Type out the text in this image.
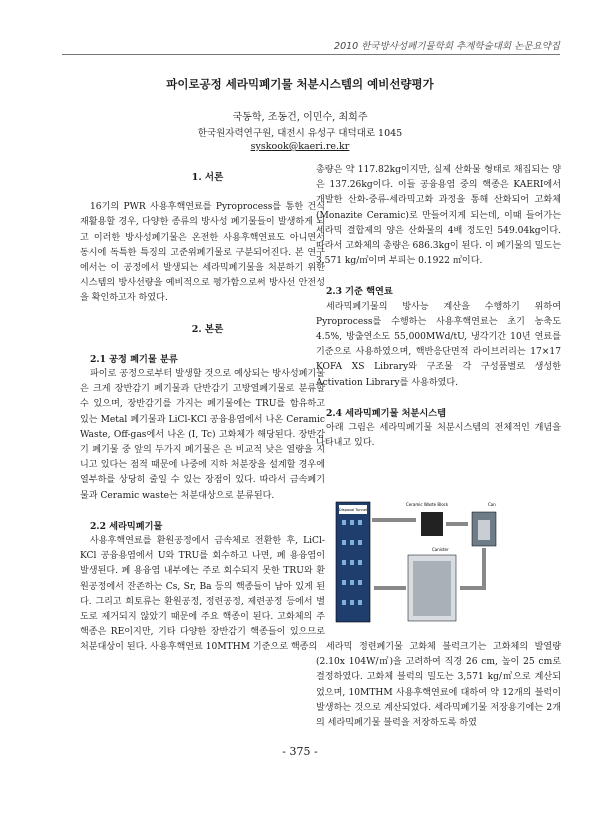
2010 한국방사성폐기물학회 추계학술대회 논문요약집
파이로공정 세라믹폐기물 처분시스템의 예비선량평가
국동학, 조동건, 이민수, 최희주
한국원자력연구원, 대전시 유성구 대덕대로 1045
syskook@kaeri.re.kr

1. 서론

16기의 PWR 사용후핵연료를 Pyroprocess를 통한 건식재활용할 경우, 다양한 종류의 방사성 폐기물들이 발생하게 되고 이러한 방사성폐기물은 온전한 사용후핵연료도 아니면서 동시에 독특한 특징의 고준위폐기물로 구분되어진다. 본 연구에서는 이 공정에서 발생되는 세라믹폐기물을 처분하기 위한 시스템의 방사선량을 예비적으로 평가함으로써 방사선 안전성을 확인하고자 하였다.

2. 본론

2.1 공정 폐기물 분류

파이로 공정으로부터 발생할 것으로 예상되는 방사성폐기물은 크게 장반감기 폐기물과 단반감기 고방열폐기물로 분류할 수 있으며, 장반감기를 가지는 폐기물에는 TRU를 함유하고 있는 Metal 폐기물과 LiCl-KCl 공융용염에서 나온 Ceramic Waste, Off-gas에서 나온 (I, Tc) 고화체가 해당된다. 장반감기 폐기물 중 앞의 두가지 폐기물은 은 비교적 낮은 열량을 지니고 있다는 점적 때문에 나중에 지하 처분장을 설계할 경우에 열부하를 상당히 줄일 수 있는 장점이 있다. 따라서 금속폐기물과 Ceramic waste는 처분대상으로 분류된다.

2.2 세라믹폐기물

사용후핵연료를 환원공정에서 금속체로 전환한 후, LiCl-KCl 공융용염에서 U와 TRU를 회수하고 나면, 폐 용융염이 발생된다. 폐 용융염 내부에는 주로 회수되지 못한 TRU와 환원공정에서 잔존하는 Cs, Sr, Ba 등의 핵종들이 남아 있게 된다. 그리고 희토류는 환원공정, 정련공정, 제련공정 등에서 별도로 제거되지 않았기 때문에 주요 핵종이 된다. 고화체의 주핵종은 RE이지만, 기타 다양한 장반감기 핵종들이 있으므로 처분대상이 된다. 사용후핵연료 10MTHM 기준으로 핵종의

총량은 약 117.82kg이지만, 실제 산화물 형태로 채집되는 양은 137.26kg이다. 이들 공융용염 중의 핵종은 KAERI에서 개발한 산화-중류-세라믹고화 과정을 통해 산화되어 고화체(Monazite Ceramic)로 만들어지게 되는데, 이때 들어가는 세라믹 결합제의 양은 산화물의 4배 정도인 549.04kg이다. 따라서 고화체의 총량은 686.3kg이 된다. 이 폐기물의 밀도는 3,571 kg/㎥이며 부피는 0.1922 ㎥이다.

2.3 기준 핵연료

세라믹폐기물의 방사능 계산을 수행하기 위하여 Pyroprocess를 수행하는 사용후핵연료는 초기 농축도 4.5%, 방출연소도 55,000MWd/tU, 냉각기간 10년 연료를 기준으로 사용하였으며, 핵반응단면적 라이브러리는 17×17 KOFA XS Library와 구조물 각 구성품별로 생성한 Activation Library를 사용하였다.

2.4 세라믹폐기물 처분시스템

아래 그림은 세라믹폐기물 처분시스템의 전체적인 개념을 나타내고 있다.

Disposal Tunnel
Ceramic Waste Block	Can
Canister

세라믹 정련폐기물 고화체 블럭크기는 고화체의 발열량(2.10x 104W/㎥)을 고려하여 직경 26 cm, 높이 25 cm로 결정하였다. 고화체 블럭의 밀도는 3,571 kg/㎥으로 계산되었으며, 10MTHM 사용후핵연료에 대하여 약 12개의 블럭이 발생하는 것으로 계산되었다. 세라믹폐기물 저장용기에는 2개의 세라믹폐기물 블럭을 저장하도록 하였

- 375 -
